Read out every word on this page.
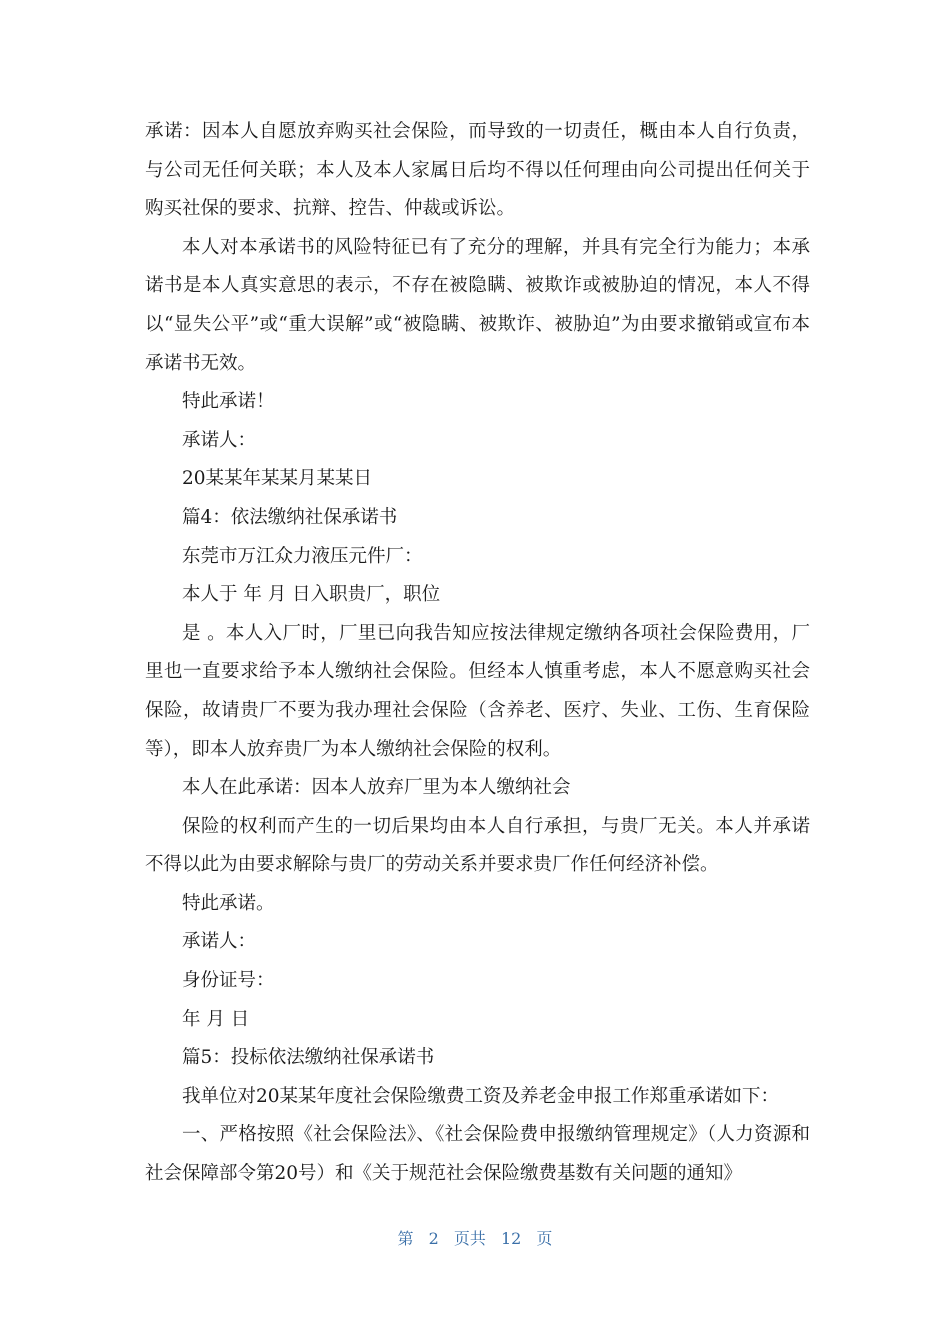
承诺：因本人自愿放弃购买社会保险，而导致的一切责任，概由本人自行负责，与公司无任何关联；本人及本人家属日后均不得以任何理由向公司提出任何关于购买社保的要求、抗辩、控告、仲裁或诉讼。

本人对本承诺书的风险特征已有了充分的理解，并具有完全行为能力；本承诺书是本人真实意思的表示，不存在被隐瞒、被欺诈或被胁迫的情况，本人不得以“显失公平”或“重大误解”或“被隐瞒、被欺诈、被胁迫”为由要求撤销或宣布本承诺书无效。

特此承诺！

承诺人：

20某某年某某月某某日

篇4：依法缴纳社保承诺书

东莞市万江众力液压元件厂：

本人于 年 月 日入职贵厂，职位

是 。本人入厂时，厂里已向我告知应按法律规定缴纳各项社会保险费用，厂里也一直要求给予本人缴纳社会保险。但经本人慎重考虑，本人不愿意购买社会保险，故请贵厂不要为我办理社会保险（含养老、医疗、失业、工伤、生育保险等），即本人放弃贵厂为本人缴纳社会保险的权利。

本人在此承诺：因本人放弃厂里为本人缴纳社会

保险的权利而产生的一切后果均由本人自行承担，与贵厂无关。本人并承诺不得以此为由要求解除与贵厂的劳动关系并要求贵厂作任何经济补偿。

特此承诺。

承诺人：

身份证号：

年 月 日

篇5：投标依法缴纳社保承诺书

我单位对20某某年度社会保险缴费工资及养老金申报工作郑重承诺如下：

一、严格按照《社会保险法》、《社会保险费申报缴纳管理规定》（人力资源和社会保障部令第20号）和《关于规范社会保险缴费基数有关问题的通知》

第 2 页共 12 页
